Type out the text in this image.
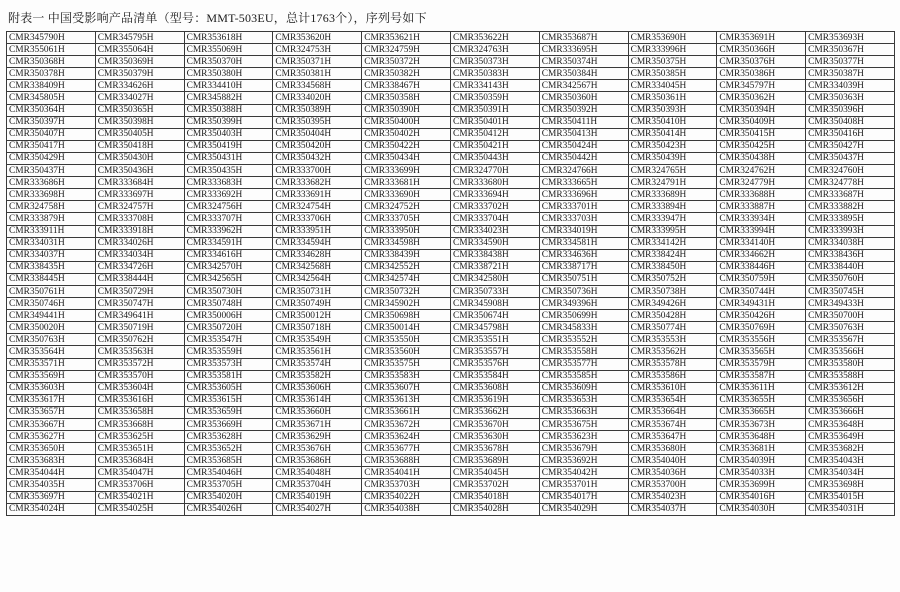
附表一 中国受影响产品清单（型号：MMT-503EU，总计1763个），序列号如下
CMR345790H	CMR345795H	CMR353618H	CMR353620H	CMR353621H	CMR353622H	CMR353687H	CMR353690H	CMR353691H	CMR353693H
CMR355061H	CMR355064H	CMR355069H	CMR324753H	CMR324759H	CMR324763H	CMR333695H	CMR333996H	CMR350366H	CMR350367H
CMR350368H	CMR350369H	CMR350370H	CMR350371H	CMR350372H	CMR350373H	CMR350374H	CMR350375H	CMR350376H	CMR350377H
CMR350378H	CMR350379H	CMR350380H	CMR350381H	CMR350382H	CMR350383H	CMR350384H	CMR350385H	CMR350386H	CMR350387H
CMR338409H	CMR334626H	CMR334410H	CMR334568H	CMR338467H	CMR334143H	CMR342567H	CMR334045H	CMR345797H	CMR334039H
CMR345805H	CMR334027H	CMR345882H	CMR334020H	CMR350358H	CMR350359H	CMR350360H	CMR350361H	CMR350362H	CMR350363H
CMR350364H	CMR350365H	CMR350388H	CMR350389H	CMR350390H	CMR350391H	CMR350392H	CMR350393H	CMR350394H	CMR350396H
CMR350397H	CMR350398H	CMR350399H	CMR350395H	CMR350400H	CMR350401H	CMR350411H	CMR350410H	CMR350409H	CMR350408H
CMR350407H	CMR350405H	CMR350403H	CMR350404H	CMR350402H	CMR350412H	CMR350413H	CMR350414H	CMR350415H	CMR350416H
CMR350417H	CMR350418H	CMR350419H	CMR350420H	CMR350422H	CMR350421H	CMR350424H	CMR350423H	CMR350425H	CMR350427H
CMR350429H	CMR350430H	CMR350431H	CMR350432H	CMR350434H	CMR350443H	CMR350442H	CMR350439H	CMR350438H	CMR350437H
CMR350437H	CMR350436H	CMR350435H	CMR333700H	CMR333699H	CMR324770H	CMR324766H	CMR324765H	CMR324762H	CMR324760H
CMR333686H	CMR333684H	CMR333683H	CMR333682H	CMR333681H	CMR333680H	CMR333665H	CMR324791H	CMR324779H	CMR324778H
CMR333698H	CMR333697H	CMR333692H	CMR333691H	CMR333690H	CMR333694H	CMR333696H	CMR333689H	CMR333688H	CMR333687H
CMR324758H	CMR324757H	CMR324756H	CMR324754H	CMR324752H	CMR333702H	CMR333701H	CMR333894H	CMR333887H	CMR333882H
CMR333879H	CMR333708H	CMR333707H	CMR333706H	CMR333705H	CMR333704H	CMR333703H	CMR333947H	CMR333934H	CMR333895H
CMR333911H	CMR333918H	CMR333962H	CMR333951H	CMR333950H	CMR334023H	CMR334019H	CMR333995H	CMR333994H	CMR333993H
CMR334031H	CMR334026H	CMR334591H	CMR334594H	CMR334598H	CMR334590H	CMR334581H	CMR334142H	CMR334140H	CMR334038H
CMR334037H	CMR334034H	CMR334616H	CMR334628H	CMR338439H	CMR338438H	CMR334636H	CMR338424H	CMR334662H	CMR338436H
CMR338435H	CMR334726H	CMR342570H	CMR342568H	CMR342552H	CMR338721H	CMR338717H	CMR338450H	CMR338446H	CMR338440H
CMR338445H	CMR338444H	CMR342565H	CMR342564H	CMR342574H	CMR342580H	CMR350751H	CMR350752H	CMR350759H	CMR350760H
CMR350761H	CMR350729H	CMR350730H	CMR350731H	CMR350732H	CMR350733H	CMR350736H	CMR350738H	CMR350744H	CMR350745H
CMR350746H	CMR350747H	CMR350748H	CMR350749H	CMR345902H	CMR345908H	CMR349396H	CMR349426H	CMR349431H	CMR349433H
CMR349441H	CMR349641H	CMR350006H	CMR350012H	CMR350698H	CMR350674H	CMR350699H	CMR350428H	CMR350426H	CMR350700H
CMR350020H	CMR350719H	CMR350720H	CMR350718H	CMR350014H	CMR345798H	CMR345833H	CMR350774H	CMR350769H	CMR350763H
CMR350763H	CMR350762H	CMR353547H	CMR353549H	CMR353550H	CMR353551H	CMR353552H	CMR353553H	CMR353556H	CMR353567H
CMR353564H	CMR353563H	CMR353559H	CMR353561H	CMR353560H	CMR353557H	CMR353558H	CMR353562H	CMR353565H	CMR353566H
CMR353571H	CMR353572H	CMR353573H	CMR353574H	CMR353575H	CMR353576H	CMR353577H	CMR353578H	CMR353579H	CMR353580H
CMR353569H	CMR353570H	CMR353581H	CMR353582H	CMR353583H	CMR353584H	CMR353585H	CMR353586H	CMR353587H	CMR353588H
CMR353603H	CMR353604H	CMR353605H	CMR353606H	CMR353607H	CMR353608H	CMR353609H	CMR353610H	CMR353611H	CMR353612H
CMR353617H	CMR353616H	CMR353615H	CMR353614H	CMR353613H	CMR353619H	CMR353653H	CMR353654H	CMR353655H	CMR353656H
CMR353657H	CMR353658H	CMR353659H	CMR353660H	CMR353661H	CMR353662H	CMR353663H	CMR353664H	CMR353665H	CMR353666H
CMR353667H	CMR353668H	CMR353669H	CMR353671H	CMR353672H	CMR353670H	CMR353675H	CMR353674H	CMR353673H	CMR353648H
CMR353627H	CMR353625H	CMR353628H	CMR353629H	CMR353624H	CMR353630H	CMR353623H	CMR353647H	CMR353648H	CMR353649H
CMR353650H	CMR353651H	CMR353652H	CMR353676H	CMR353677H	CMR353678H	CMR353679H	CMR353680H	CMR353681H	CMR353682H
CMR353683H	CMR353684H	CMR353685H	CMR353686H	CMR353688H	CMR353689H	CMR353692H	CMR354040H	CMR354039H	CMR354043H
CMR354044H	CMR354047H	CMR354046H	CMR354048H	CMR354041H	CMR354045H	CMR354042H	CMR354036H	CMR354033H	CMR354034H
CMR354035H	CMR353706H	CMR353705H	CMR353704H	CMR353703H	CMR353702H	CMR353701H	CMR353700H	CMR353699H	CMR353698H
CMR353697H	CMR354021H	CMR354020H	CMR354019H	CMR354022H	CMR354018H	CMR354017H	CMR354023H	CMR354016H	CMR354015H
CMR354024H	CMR354025H	CMR354026H	CMR354027H	CMR354038H	CMR354028H	CMR354029H	CMR354037H	CMR354030H	CMR354031H
